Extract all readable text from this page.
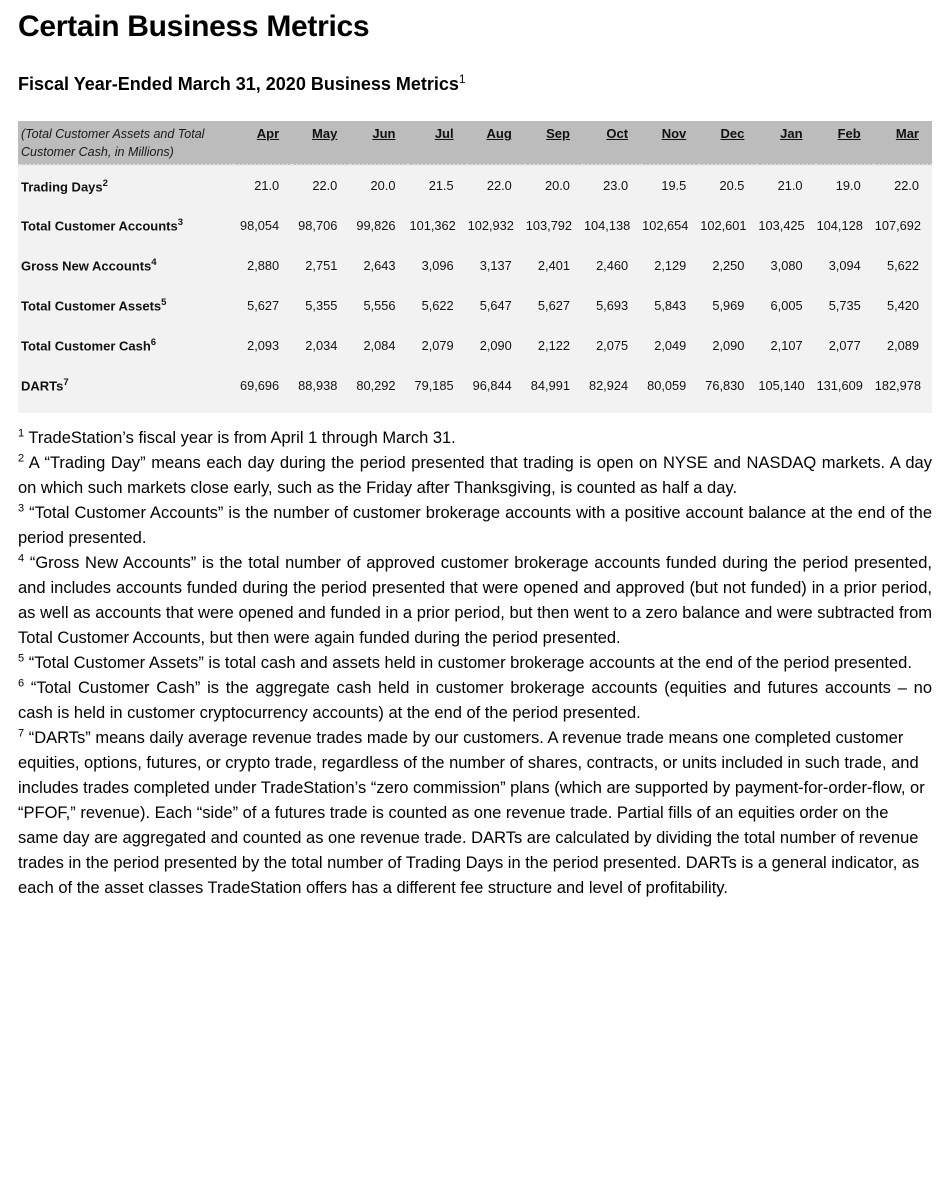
Certain Business Metrics
Fiscal Year-Ended March 31, 2020 Business Metrics$^1$
(Total Customer Assets and Total Customer Cash, in Millions)	Apr	May	Jun	Jul	Aug	Sep	Oct	Nov	Dec	Jan	Feb	Mar
Trading Days$^2$	21.0	22.0	20.0	21.5	22.0	20.0	23.0	19.5	20.5	21.0	19.0	22.0
Total Customer Accounts$^3$	98,054	98,706	99,826	101,362	102,932	103,792	104,138	102,654	102,601	103,425	104,128	107,692
Gross New Accounts$^4$	2,880	2,751	2,643	3,096	3,137	2,401	2,460	2,129	2,250	3,080	3,094	5,622
Total Customer Assets$^5$	5,627	5,355	5,556	5,622	5,647	5,627	5,693	5,843	5,969	6,005	5,735	5,420
Total Customer Cash$^6$	2,093	2,034	2,084	2,079	2,090	2,122	2,075	2,049	2,090	2,107	2,077	2,089
DARTs$^7$	69,696	88,938	80,292	79,185	96,844	84,991	82,924	80,059	76,830	105,140	131,609	182,978

$^1$ TradeStation’s fiscal year is from April 1 through March 31.

$^2$ A “Trading Day” means each day during the period presented that trading is open on NYSE and NASDAQ markets. A day on which such markets close early, such as the Friday after Thanksgiving, is counted as half a day.

$^3$ “Total Customer Accounts” is the number of customer brokerage accounts with a positive account balance at the end of the period presented.

$^4$ “Gross New Accounts” is the total number of approved customer brokerage accounts funded during the period presented, and includes accounts funded during the period presented that were opened and approved (but not funded) in a prior period, as well as accounts that were opened and funded in a prior period, but then went to a zero balance and were subtracted from Total Customer Accounts, but then were again funded during the period presented.

$^5$ “Total Customer Assets” is total cash and assets held in customer brokerage accounts at the end of the period presented.

$^6$ “Total Customer Cash” is the aggregate cash held in customer brokerage accounts (equities and futures accounts – no cash is held in customer cryptocurrency accounts) at the end of the period presented.

$^7$ “DARTs” means daily average revenue trades made by our customers. A revenue trade means one completed customer equities, options, futures, or crypto trade, regardless of the number of shares, contracts, or units included in such trade, and includes trades completed under TradeStation’s “zero commission” plans (which are supported by payment-for-order-flow, or “PFOF,” revenue). Each “side” of a futures trade is counted as one revenue trade. Partial fills of an equities order on the same day are aggregated and counted as one revenue trade. DARTs are calculated by dividing the total number of revenue trades in the period presented by the total number of Trading Days in the period presented. DARTs is a general indicator, as each of the asset classes TradeStation offers has a different fee structure and level of profitability.
